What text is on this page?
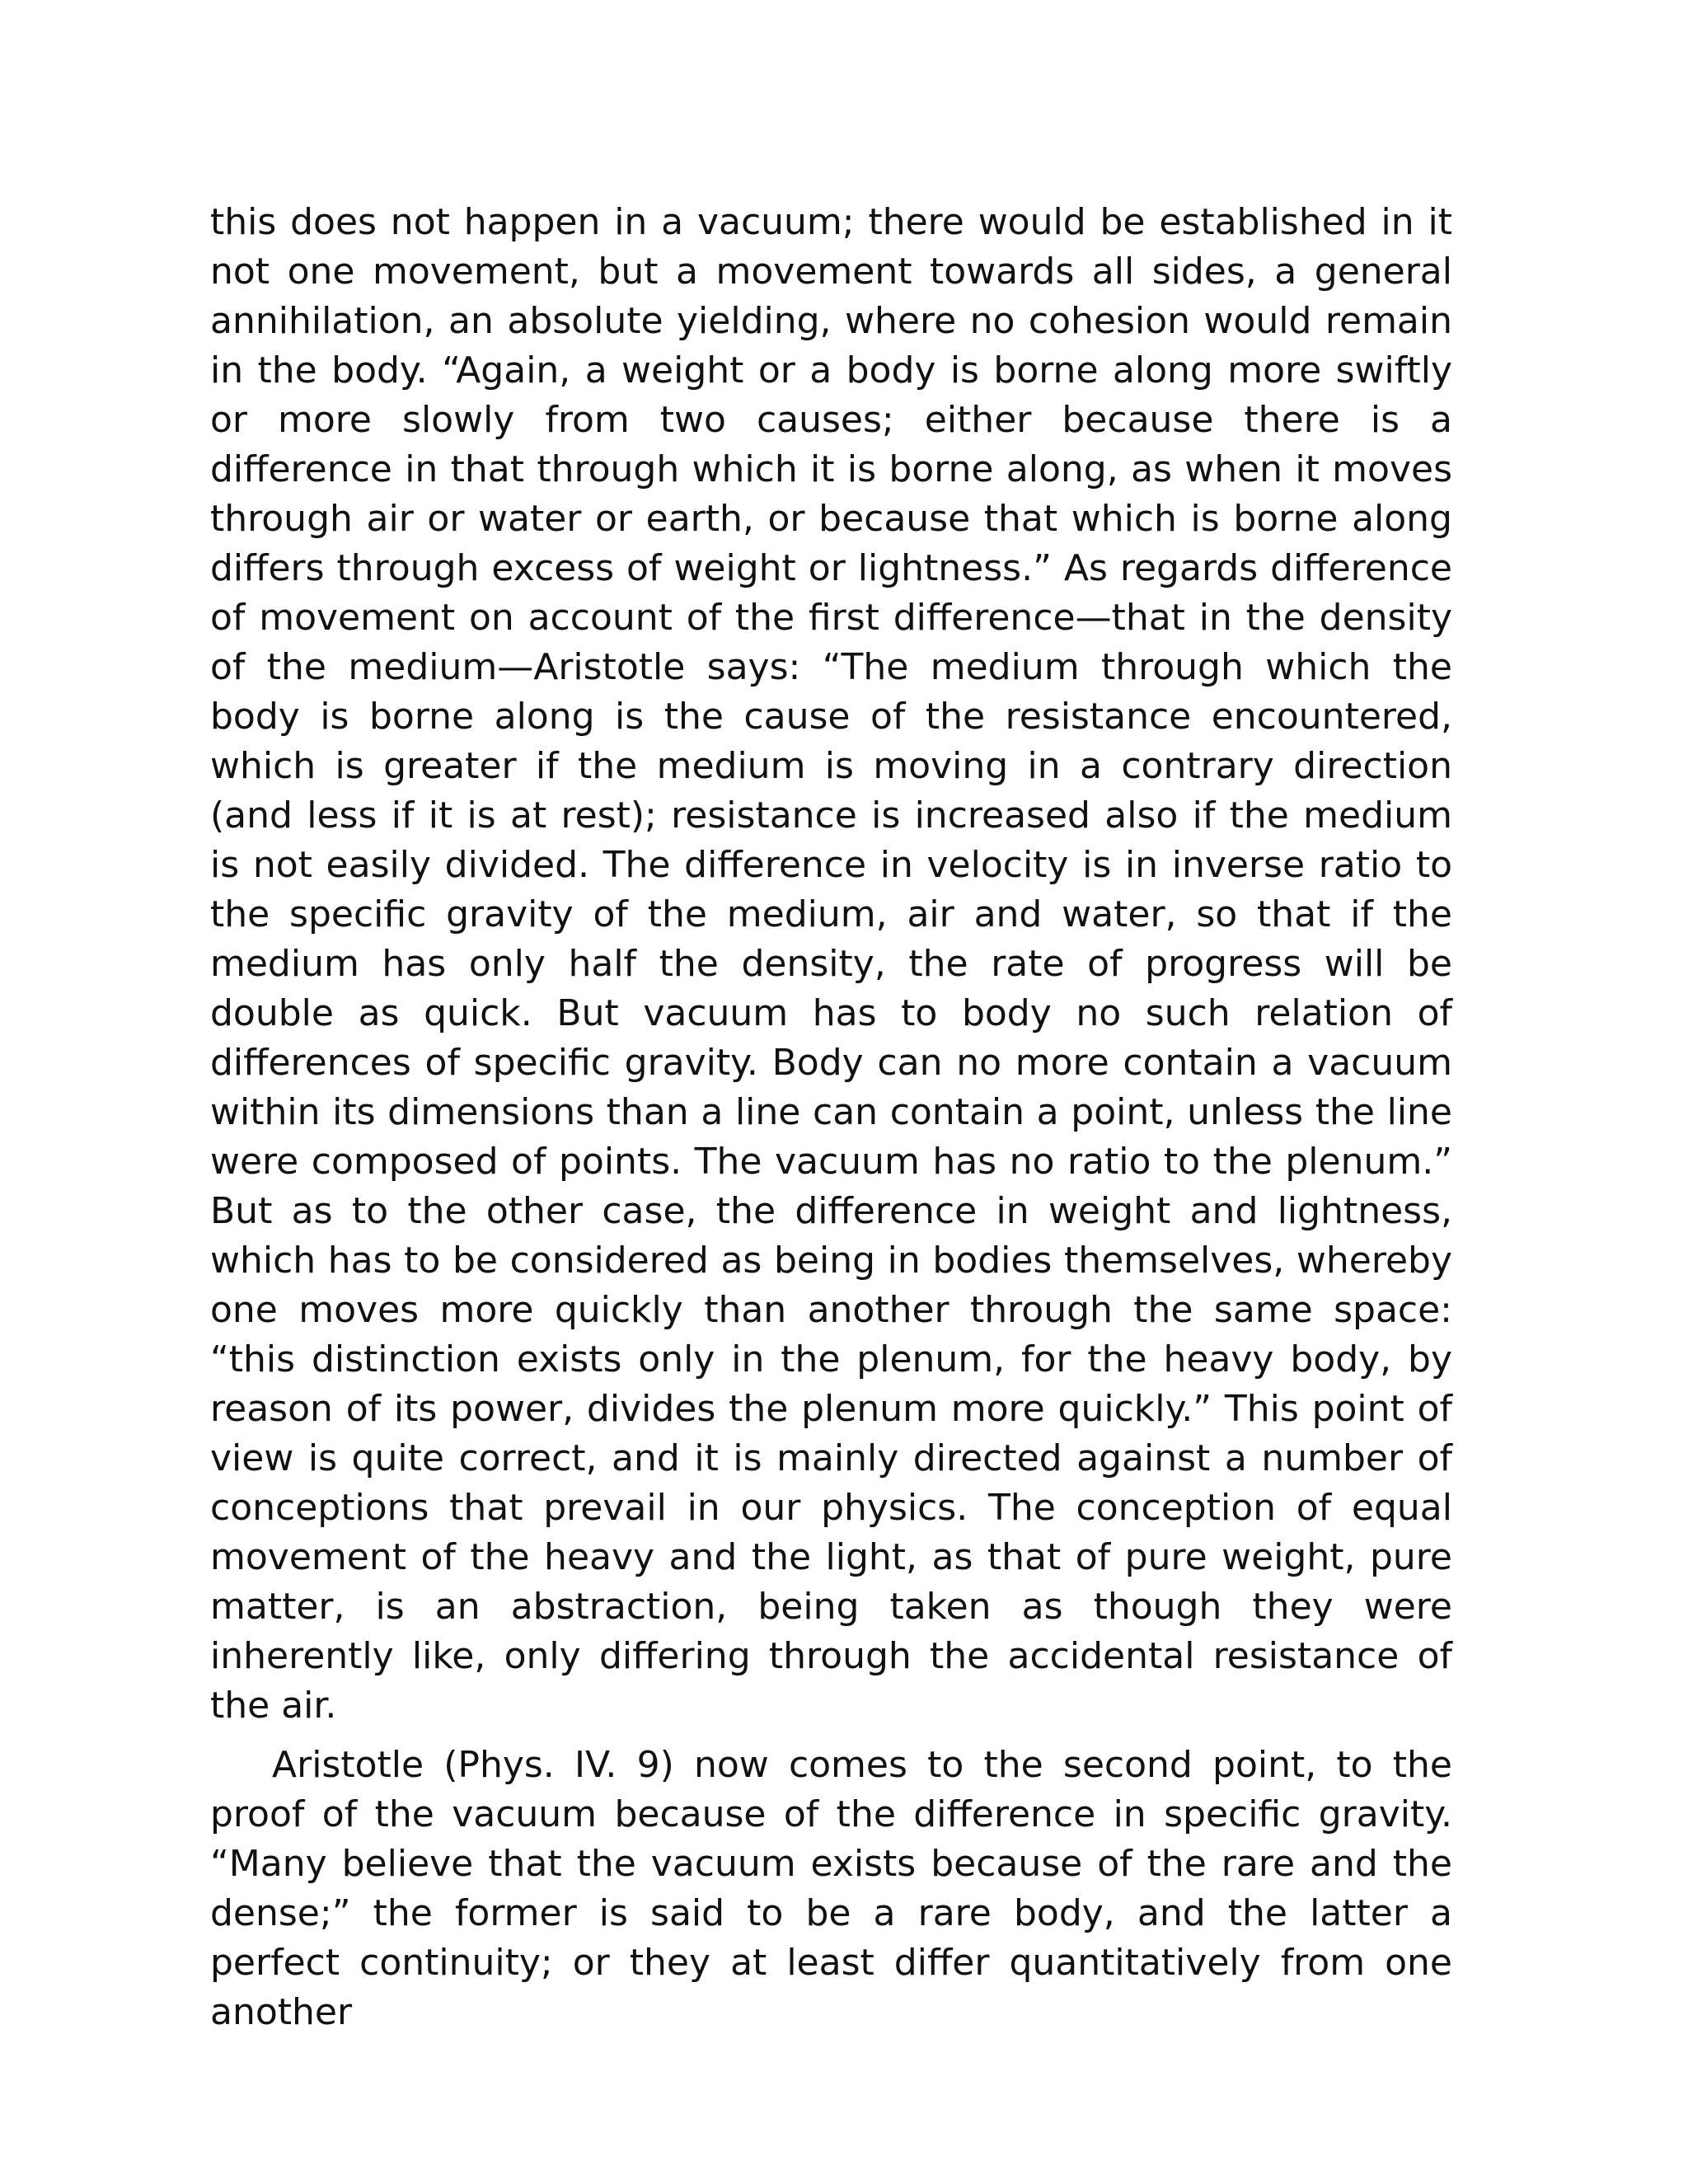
this does not happen in a vacuum; there would be established in it not one movement, but a movement towards all sides, a general annihilation, an absolute yielding, where no cohesion would remain in the body. “Again, a weight or a body is borne along more swiftly or more slowly from two causes; either because there is a difference in that through which it is borne along, as when it moves through air or water or earth, or because that which is borne along differs through excess of weight or lightness.” As regards difference of movement on account of the first difference—that in the density of the medium—Aristotle says: “The medium through which the body is borne along is the cause of the resistance encountered, which is greater if the medium is moving in a contrary direction (and less if it is at rest); resistance is increased also if the medium is not easily divided. The difference in velocity is in inverse ratio to the specific gravity of the medium, air and water, so that if the medium has only half the density, the rate of progress will be double as quick. But vacuum has to body no such relation of differences of specific gravity. Body can no more contain a vacuum within its dimensions than a line can contain a point, unless the line were composed of points. The vacuum has no ratio to the plenum.” But as to the other case, the difference in weight and lightness, which has to be considered as being in bodies themselves, whereby one moves more quickly than another through the same space: “this distinction exists only in the plenum, for the heavy body, by reason of its power, divides the plenum more quickly.” This point of view is quite correct, and it is mainly directed against a number of conceptions that prevail in our physics. The conception of equal movement of the heavy and the light, as that of pure weight, pure matter, is an abstraction, being taken as though they were inherently like, only differing through the accidental resistance of the air.

Aristotle (Phys. IV. 9) now comes to the second point, to the proof of the vacuum because of the difference in specific gravity. “Many believe that the vacuum exists because of the rare and the dense;” the former is said to be a rare body, and the latter a perfect continuity; or they at least differ quantitatively from one another
